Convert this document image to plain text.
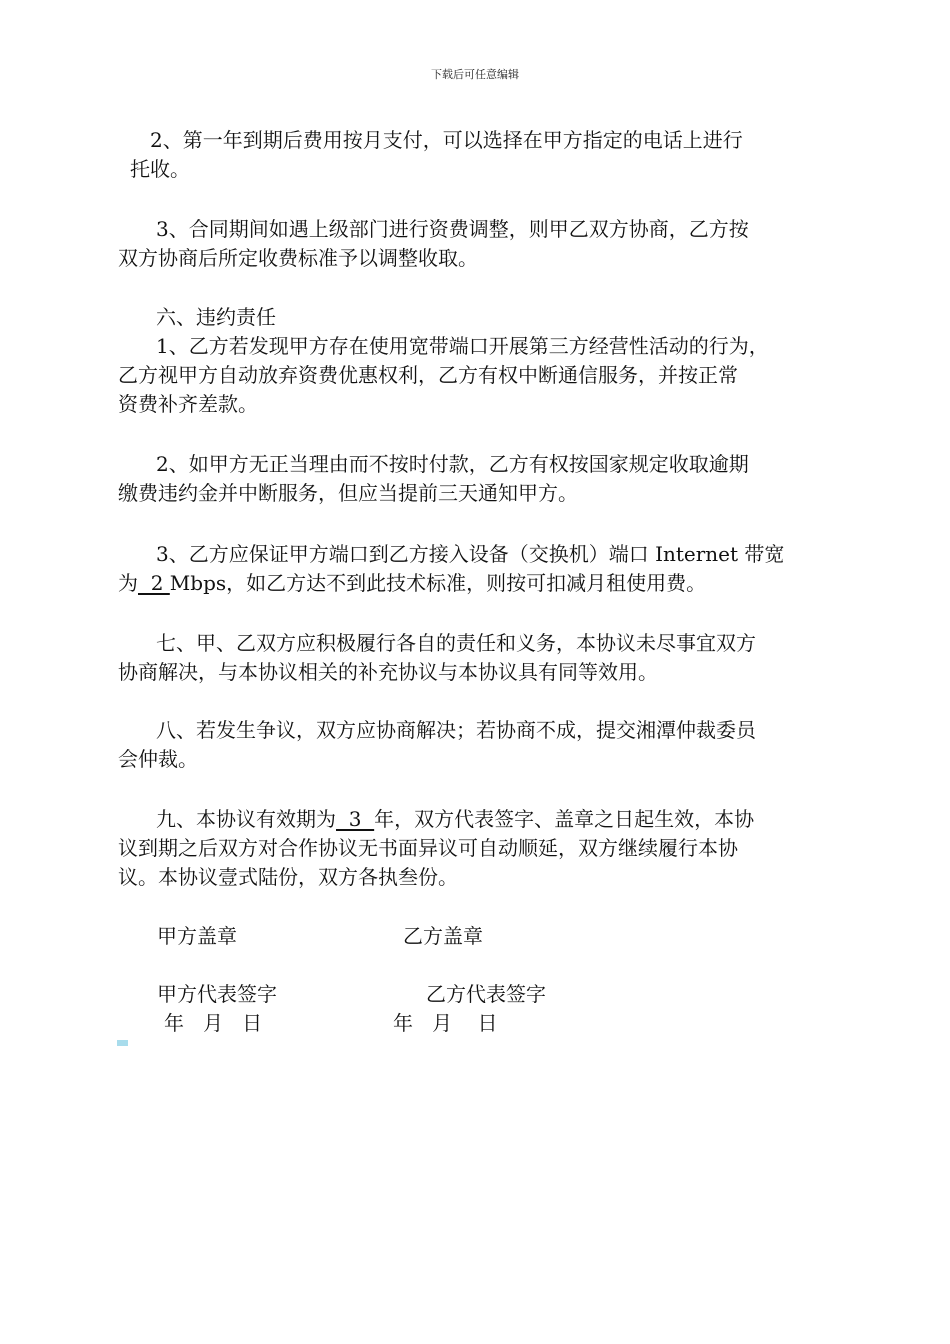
下载后可任意编辑

2、第一年到期后费用按月支付，可以选择在甲方指定的电话上进行
托收。

3、合同期间如遇上级部门进行资费调整，则甲乙双方协商，乙方按
双方协商后所定收费标准予以调整收取。

六、违约责任

1、乙方若发现甲方存在使用宽带端口开展第三方经营性活动的行为，
乙方视甲方自动放弃资费优惠权利，乙方有权中断通信服务，并按正常
资费补齐差款。

2、如甲方无正当理由而不按时付款，乙方有权按国家规定收取逾期
缴费违约金并中断服务，但应当提前三天通知甲方。

3、乙方应保证甲方端口到乙方接入设备（交换机）端口 Internet 带宽
为  2 Mbps，如乙方达不到此技术标准，则按可扣减月租使用费。

七、甲、乙双方应积极履行各自的责任和义务，本协议未尽事宜双方
协商解决，与本协议相关的补充协议与本协议具有同等效用。

八、若发生争议，双方应协商解决；若协商不成，提交湘潭仲裁委员
会仲裁。

九、本协议有效期为  3  年，双方代表签字、盖章之日起生效，本协
议到期之后双方对合作协议无书面异议可自动顺延，双方继续履行本协
议。本协议壹式陆份，双方各执叁份。

甲方盖章	乙方盖章
甲方代表签字	乙方代表签字
年   月   日	年   月    日
